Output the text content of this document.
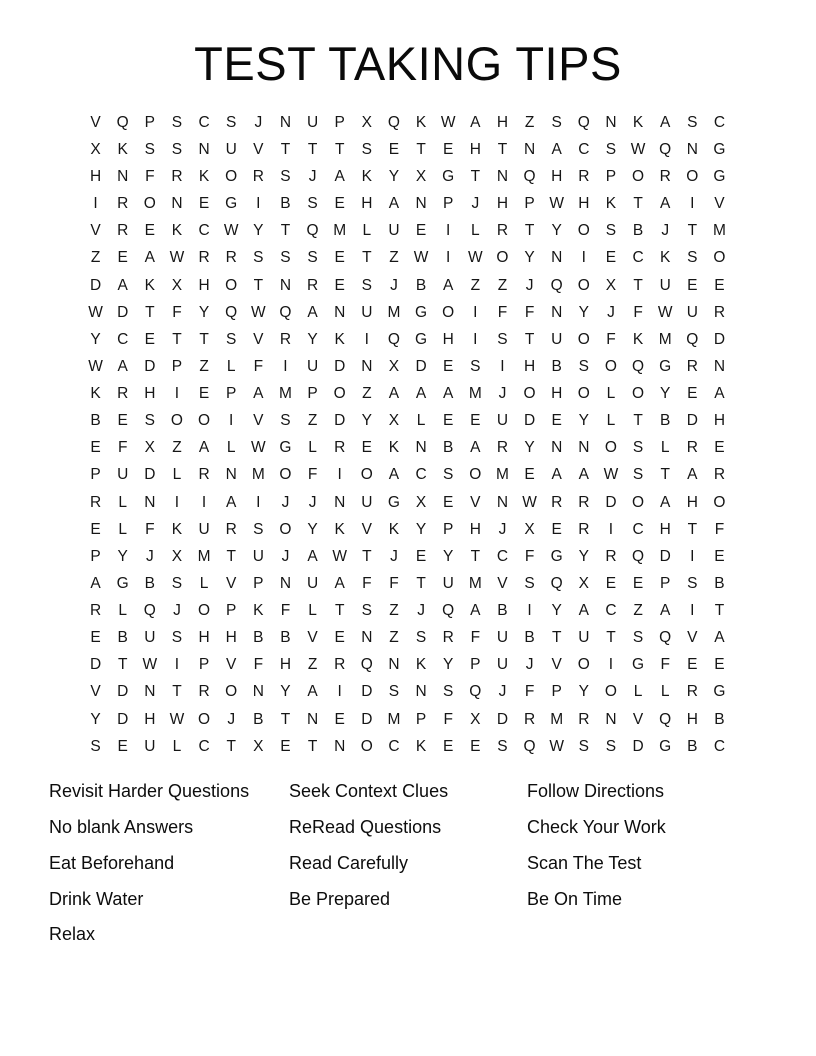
TEST TAKING TIPS
V	Q	P	S	C	S	J	N	U	P	X	Q	K W A	H	Z	S	Q N	K	A	S	C
X	K	S	S	N	U	V	T	T	T	S	E	T	E	H	T	N	A	C	S W Q N	G
H	N	F	R	K	O R	S	J	A	K	Y	X	G	T	N	Q H	R	P	O R	O G
I	R	O N	E	G	I	B	S	E	H	A	N	P	J	H	P W H	K	T	A	I	V
V	R	E	K	C W Y	T	Q M	L	U	E	I	L	R	T	Y	O	S	B	J	T	M
Z	E	A W R	R	S	S	S	E	T	Z W	I	W O	Y	N	I	E	C	K	S	O
D	A	K	X	H	O	T	N	R	E	S	J	B	A	Z	Z	J	Q O	X	T	U	E	E
W D	T	F	Y	Q W Q	A	N	U M G O	I	F	F	N	Y	J	F W U	R
Y	C	E	T	T	S	V	R	Y	K	I	Q G H	I	S	T	U	O	F	K M Q D
W A	D	P	Z	L	F	I	U	D	N	X	D	E	S	I	H	B	S	O Q G R	N
K	R	H	I	E	P	A M	P	O	Z	A	A	A M	J	O H	O	L	O	Y	E	A
B	E	S	O O	I	V	S	Z	D	Y	X	L	E	E	U	D	E	Y	L	T	B	D	H
E	F	X	Z	A	L W G	L	R	E	K	N	B	A	R	Y	N	N	O	S	L	R	E
P	U	D	L	R	N M O	F	I	O	A	C	S	O M	E	A	A W S	T	A	R
R	L	N	I	I	A	I	J	J	N	U	G	X	E	V	N W R	R	D	O	A	H	O
E	L	F	K	U	R	S	O	Y	K	V	K	Y	P	H	J	X	E	R	I	C	H	T	F
P	Y	J	X M	T	U	J	A W T	J	E	Y	T	C	F	G	Y	R	Q D	I	E
A	G	B	S	L	V	P	N	U	A	F	F	T	U M	V	S	Q	X	E	E	P	S	B
R	L	Q	J	O	P	K	F	L	T	S	Z	J	Q	A	B	I	Y	A	C	Z	A	I	T
E	B	U	S	H	H	B	B	V	E	N	Z	S	R	F	U	B	T	U	T	S	Q	V	A
D	T W	I	P	V	F	H	Z	R	Q N	K	Y	P	U	J	V	O	I	G	F	E	E
V	D	N	T	R	O N	Y	A	I	D	S	N	S	Q	J	F	P	Y	O	L	L	R	G
Y	D	H W O	J	B	T	N	E	D M	P	F	X	D	R M R	N	V	Q H	B
S	E	U	L	C	T	X	E	T	N	O C	K	E	E	S	Q W S	S	D	G	B	C
Revisit Harder Questions
No blank Answers
Eat Beforehand
Drink Water
Relax
Seek Context Clues
ReRead Questions
Read Carefully
Be Prepared
Follow Directions
Check Your Work
Scan The Test
Be On Time
